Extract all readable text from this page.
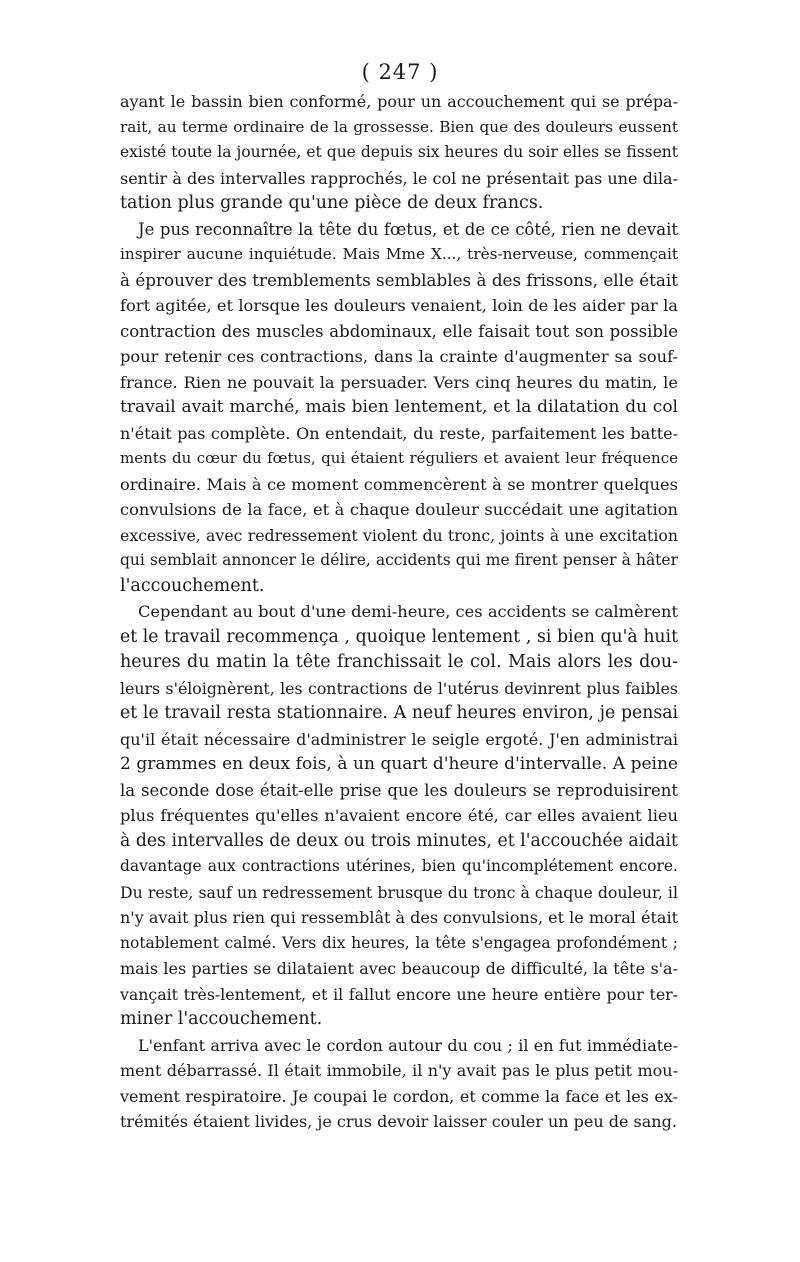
( 247 )
ayant le bassin bien conformé, pour un accouchement qui se prépa-
rait, au terme ordinaire de la grossesse. Bien que des douleurs eussent
existé toute la journée, et que depuis six heures du soir elles se fissent
sentir à des intervalles rapprochés, le col ne présentait pas une dila-
tation plus grande qu'une pièce de deux francs.
Je pus reconnaître la tête du fœtus, et de ce côté, rien ne devait
inspirer aucune inquiétude. Mais Mme X..., très-nerveuse, commençait
à éprouver des tremblements semblables à des frissons, elle était
fort agitée, et lorsque les douleurs venaient, loin de les aider par la
contraction des muscles abdominaux, elle faisait tout son possible
pour retenir ces contractions, dans la crainte d'augmenter sa souf-
france. Rien ne pouvait la persuader. Vers cinq heures du matin, le
travail avait marché, mais bien lentement, et la dilatation du col
n'était pas complète. On entendait, du reste, parfaitement les batte-
ments du cœur du fœtus, qui étaient réguliers et avaient leur fréquence
ordinaire. Mais à ce moment commencèrent à se montrer quelques
convulsions de la face, et à chaque douleur succédait une agitation
excessive, avec redressement violent du tronc, joints à une excitation
qui semblait annoncer le délire, accidents qui me firent penser à hâter
l'accouchement.
Cependant au bout d'une demi-heure, ces accidents se calmèrent
et le travail recommença , quoique lentement , si bien qu'à huit
heures du matin la tête franchissait le col. Mais alors les dou-
leurs s'éloignèrent, les contractions de l'utérus devinrent plus faibles
et le travail resta stationnaire. A neuf heures environ, je pensai
qu'il était nécessaire d'administrer le seigle ergoté. J'en administrai
2 grammes en deux fois, à un quart d'heure d'intervalle. A peine
la seconde dose était-elle prise que les douleurs se reproduisirent
plus fréquentes qu'elles n'avaient encore été, car elles avaient lieu
à des intervalles de deux ou trois minutes, et l'accouchée aidait
davantage aux contractions utérines, bien qu'incomplétement encore.
Du reste, sauf un redressement brusque du tronc à chaque douleur, il
n'y avait plus rien qui ressemblât à des convulsions, et le moral était
notablement calmé. Vers dix heures, la tête s'engagea profondément ;
mais les parties se dilataient avec beaucoup de difficulté, la tête s'a-
vançait très-lentement, et il fallut encore une heure entière pour ter-
miner l'accouchement.
L'enfant arriva avec le cordon autour du cou ; il en fut immédiate-
ment débarrassé. Il était immobile, il n'y avait pas le plus petit mou-
vement respiratoire. Je coupai le cordon, et comme la face et les ex-
trémités étaient livides, je crus devoir laisser couler un peu de sang.
